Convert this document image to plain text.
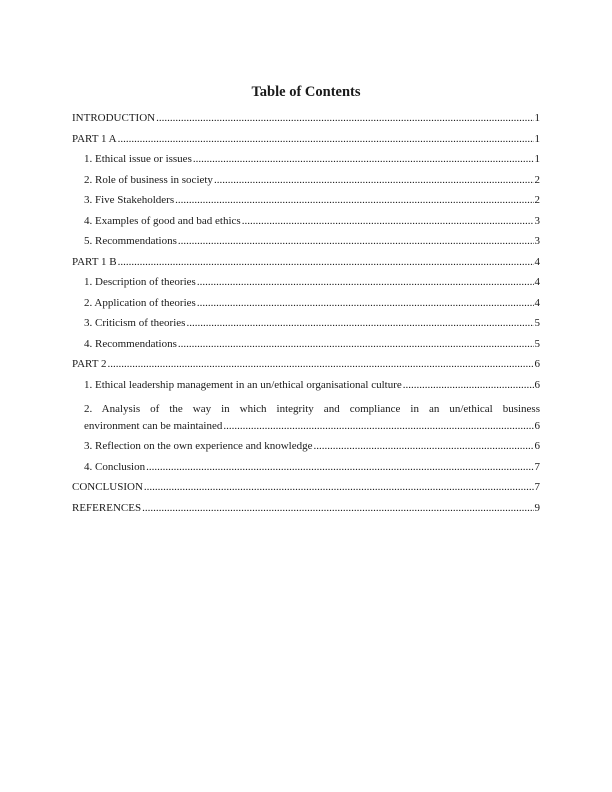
Table of Contents
INTRODUCTION .....	1
PART 1 A .....	1
1. Ethical issue or issues .....	1
2. Role of business in society .....	2
3. Five Stakeholders .....	2
4. Examples of good and bad ethics .....	3
5. Recommendations .....	3
PART 1 B .....	4
1. Description of theories .....	4
2. Application of theories .....	4
3. Criticism of theories .....	5
4. Recommendations .....	5
PART 2 .....	6
1. Ethical leadership management in an un/ethical organisational culture .....	6
2. Analysis of the way in which integrity and compliance in an un/ethical business
environment can be maintained .....	6
3. Reflection on the own experience and knowledge .....	6
4. Conclusion .....	7
CONCLUSION .....	7
REFERENCES .....	9
